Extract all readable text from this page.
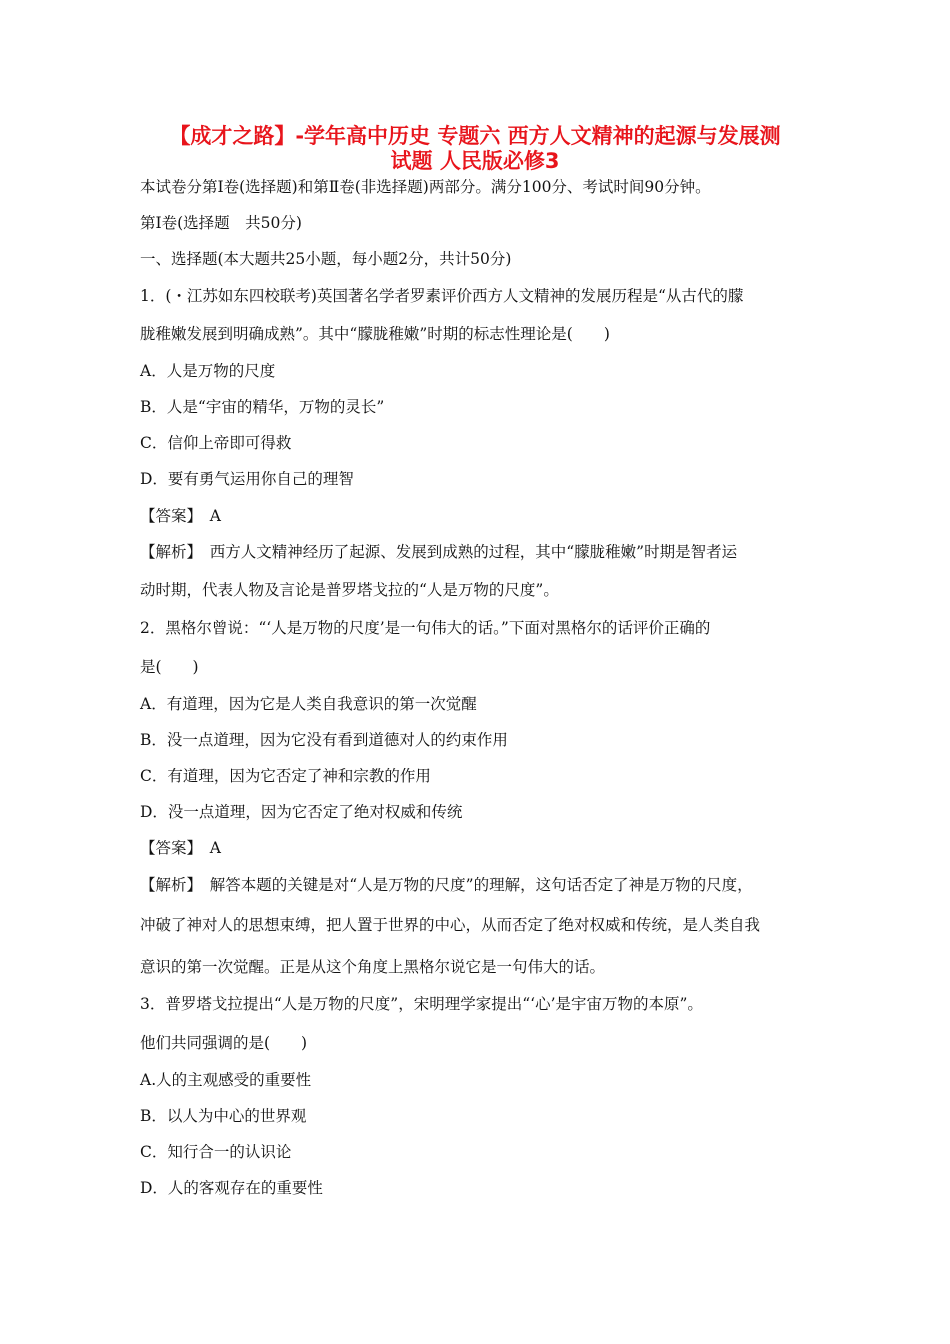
【成才之路】-学年高中历史 专题六 西方人文精神的起源与发展测
试题 人民版必修3
本试卷分第Ⅰ卷(选择题)和第Ⅱ卷(非选择题)两部分。满分100分、考试时间90分钟。
第Ⅰ卷(选择题　共50分)
一、选择题(本大题共25小题，每小题2分，共计50分)
1．(・江苏如东四校联考)英国著名学者罗素评价西方人文精神的发展历程是“从古代的朦
胧稚嫩发展到明确成熟”。其中“朦胧稚嫩”时期的标志性理论是(　　)
A．人是万物的尺度
B．人是“宇宙的精华，万物的灵长”
C．信仰上帝即可得救
D．要有勇气运用你自己的理智
【答案】　A
【解析】　西方人文精神经历了起源、发展到成熟的过程，其中“朦胧稚嫩”时期是智者运
动时期，代表人物及言论是普罗塔戈拉的“人是万物的尺度”。
2．黑格尔曾说：“‘人是万物的尺度’是一句伟大的话。”下面对黑格尔的话评价正确的
是(　　)
A．有道理，因为它是人类自我意识的第一次觉醒
B．没一点道理，因为它没有看到道德对人的约束作用
C．有道理，因为它否定了神和宗教的作用
D．没一点道理，因为它否定了绝对权威和传统
【答案】　A
【解析】　解答本题的关键是对“人是万物的尺度”的理解，这句话否定了神是万物的尺度，
冲破了神对人的思想束缚，把人置于世界的中心，从而否定了绝对权威和传统，是人类自我
意识的第一次觉醒。正是从这个角度上黑格尔说它是一句伟大的话。
3．普罗塔戈拉提出“人是万物的尺度”，宋明理学家提出“‘心’是宇宙万物的本原”。
他们共同强调的是(　　)
A.人的主观感受的重要性
B．以人为中心的世界观
C．知行合一的认识论
D．人的客观存在的重要性
